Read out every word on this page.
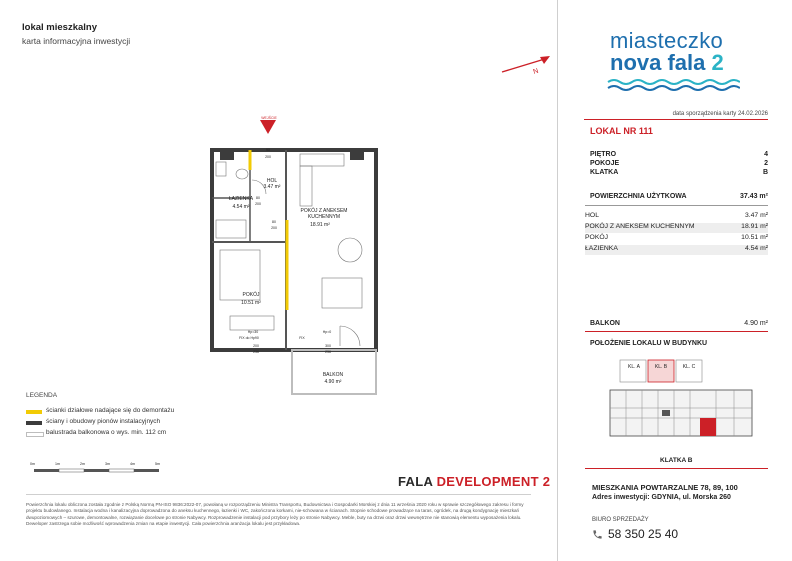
lokal mieszkalny
karta informacyjna inwestycji
N
miasteczko
nova fala 2
data sporządzenia karty 24.02.2026
LOKAL NR 111
PIĘTRO	4
POKOJE	2
KLATKA	B
POWIERZCHNIA UŻYTKOWA	37.43 m²
HOL	3.47 m²
POKÓJ Z ANEKSEM KUCHENNYM	18.91 m²
POKÓJ	10.51 m²
ŁAZIENKA	4.54 m²
BALKON	4.90 m²
POŁOŻENIE LOKALU W BUDYNKU
KL. A	KL. B	KL. C
KLATKA B
WEJŚCIE
HOL
3.47 m²
ŁAZIENKA
4.54 m²
POKÓJ Z ANEKSEM KUCHENNYM
18.91 m²
POKÓJ
10.51 m²
BALKON
4.90 m²
90
200
80
200
80
200
FIX
Hp=0
300
236
FIX do Hp90
Hp=30
200
236
LEGENDA
ścianki działowe nadające się do demontażu
ściany i obudowy pionów instalacyjnych
balustrada balkonowa o wys. min. 112 cm
0m	1m	2m	3m	4m	5m
FALA DEVELOPMENT 2
Powierzchnia lokalu obliczona została zgodnie z Polską Normą PN-ISO 9836:2022-07, powołaną w rozporządzeniu Ministra Transportu, Budownictwa i Gospodarki Morskiej z dnia 11 września 2020 roku w sprawie szczegółowego zakresu i formy projektu budowlanego. Instalacja wodna i kanalizacyjna doprowadzona do aneksu kuchennego, łazienki i WC, zakończona korkami, nie-schowana w ścianach. Stopnie schodowe prowadzące na taras, ogródek, na drugą kondygnację mieszkań dwupoziomowych – szurowe, demontowalne, rozwiązanie docelowe po stronie Nabywcy. Rozprowadzenie instalacji pod przybory leży po stronie Nabywcy. Meble, buty na drzwi oraz drzwi wewnętrzne nie stanowią elementu wyposażenia lokalu. Deweloper zastrzega sobie możliwość wprowadzenia zmian na etapie inwestycji. Cała powierzchnia aranżacja lokalu jest przykładowa.
MIESZKANIA POWTARZALNE 78, 89, 100
Adres inwestycji: GDYNIA, ul. Morska 260
BIURO SPRZEDAŻY
58 350 25 40
